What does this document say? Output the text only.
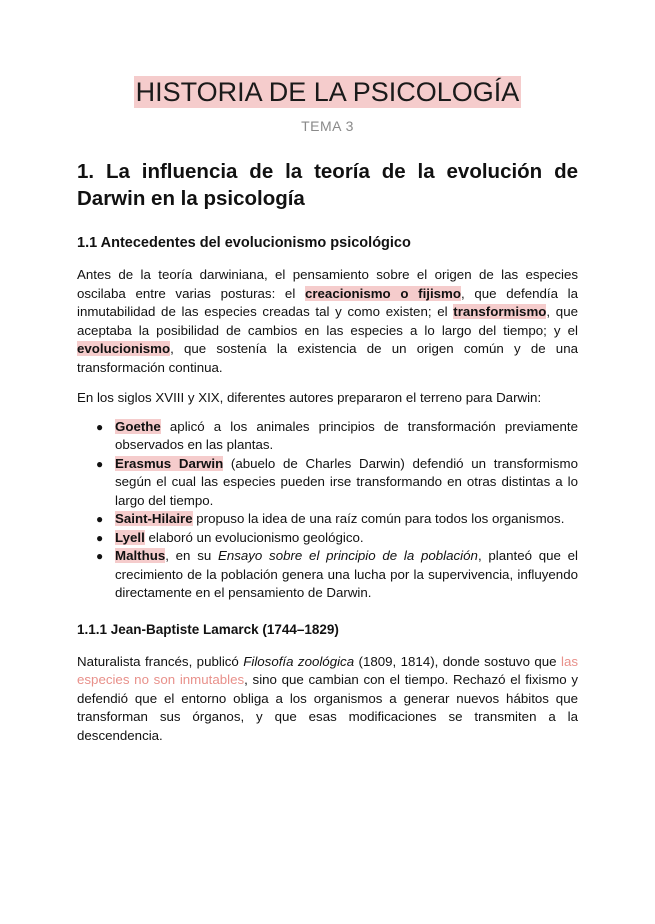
HISTORIA DE LA PSICOLOGÍA
TEMA 3
1. La influencia de la teoría de la evolución de Darwin en la psicología
1.1 Antecedentes del evolucionismo psicológico

Antes de la teoría darwiniana, el pensamiento sobre el origen de las especies oscilaba entre varias posturas: el creacionismo o fijismo, que defendía la inmutabilidad de las especies creadas tal y como existen; el transformismo, que aceptaba la posibilidad de cambios en las especies a lo largo del tiempo; y el evolucionismo, que sostenía la existencia de un origen común y de una transformación continua.

En los siglos XVIII y XIX, diferentes autores prepararon el terreno para Darwin:

● Goethe aplicó a los animales principios de transformación previamente observados en las plantas.
● Erasmus Darwin (abuelo de Charles Darwin) defendió un transformismo según el cual las especies pueden irse transformando en otras distintas a lo largo del tiempo.
● Saint-Hilaire propuso la idea de una raíz común para todos los organismos.
● Lyell elaboró un evolucionismo geológico.
● Malthus, en su Ensayo sobre el principio de la población, planteó que el crecimiento de la población genera una lucha por la supervivencia, influyendo directamente en el pensamiento de Darwin.
1.1.1 Jean-Baptiste Lamarck (1744–1829)

Naturalista francés, publicó Filosofía zoológica (1809, 1814), donde sostuvo que las especies no son inmutables, sino que cambian con el tiempo. Rechazó el fixismo y defendió que el entorno obliga a los organismos a generar nuevos hábitos que transforman sus órganos, y que esas modificaciones se transmiten a la descendencia.
